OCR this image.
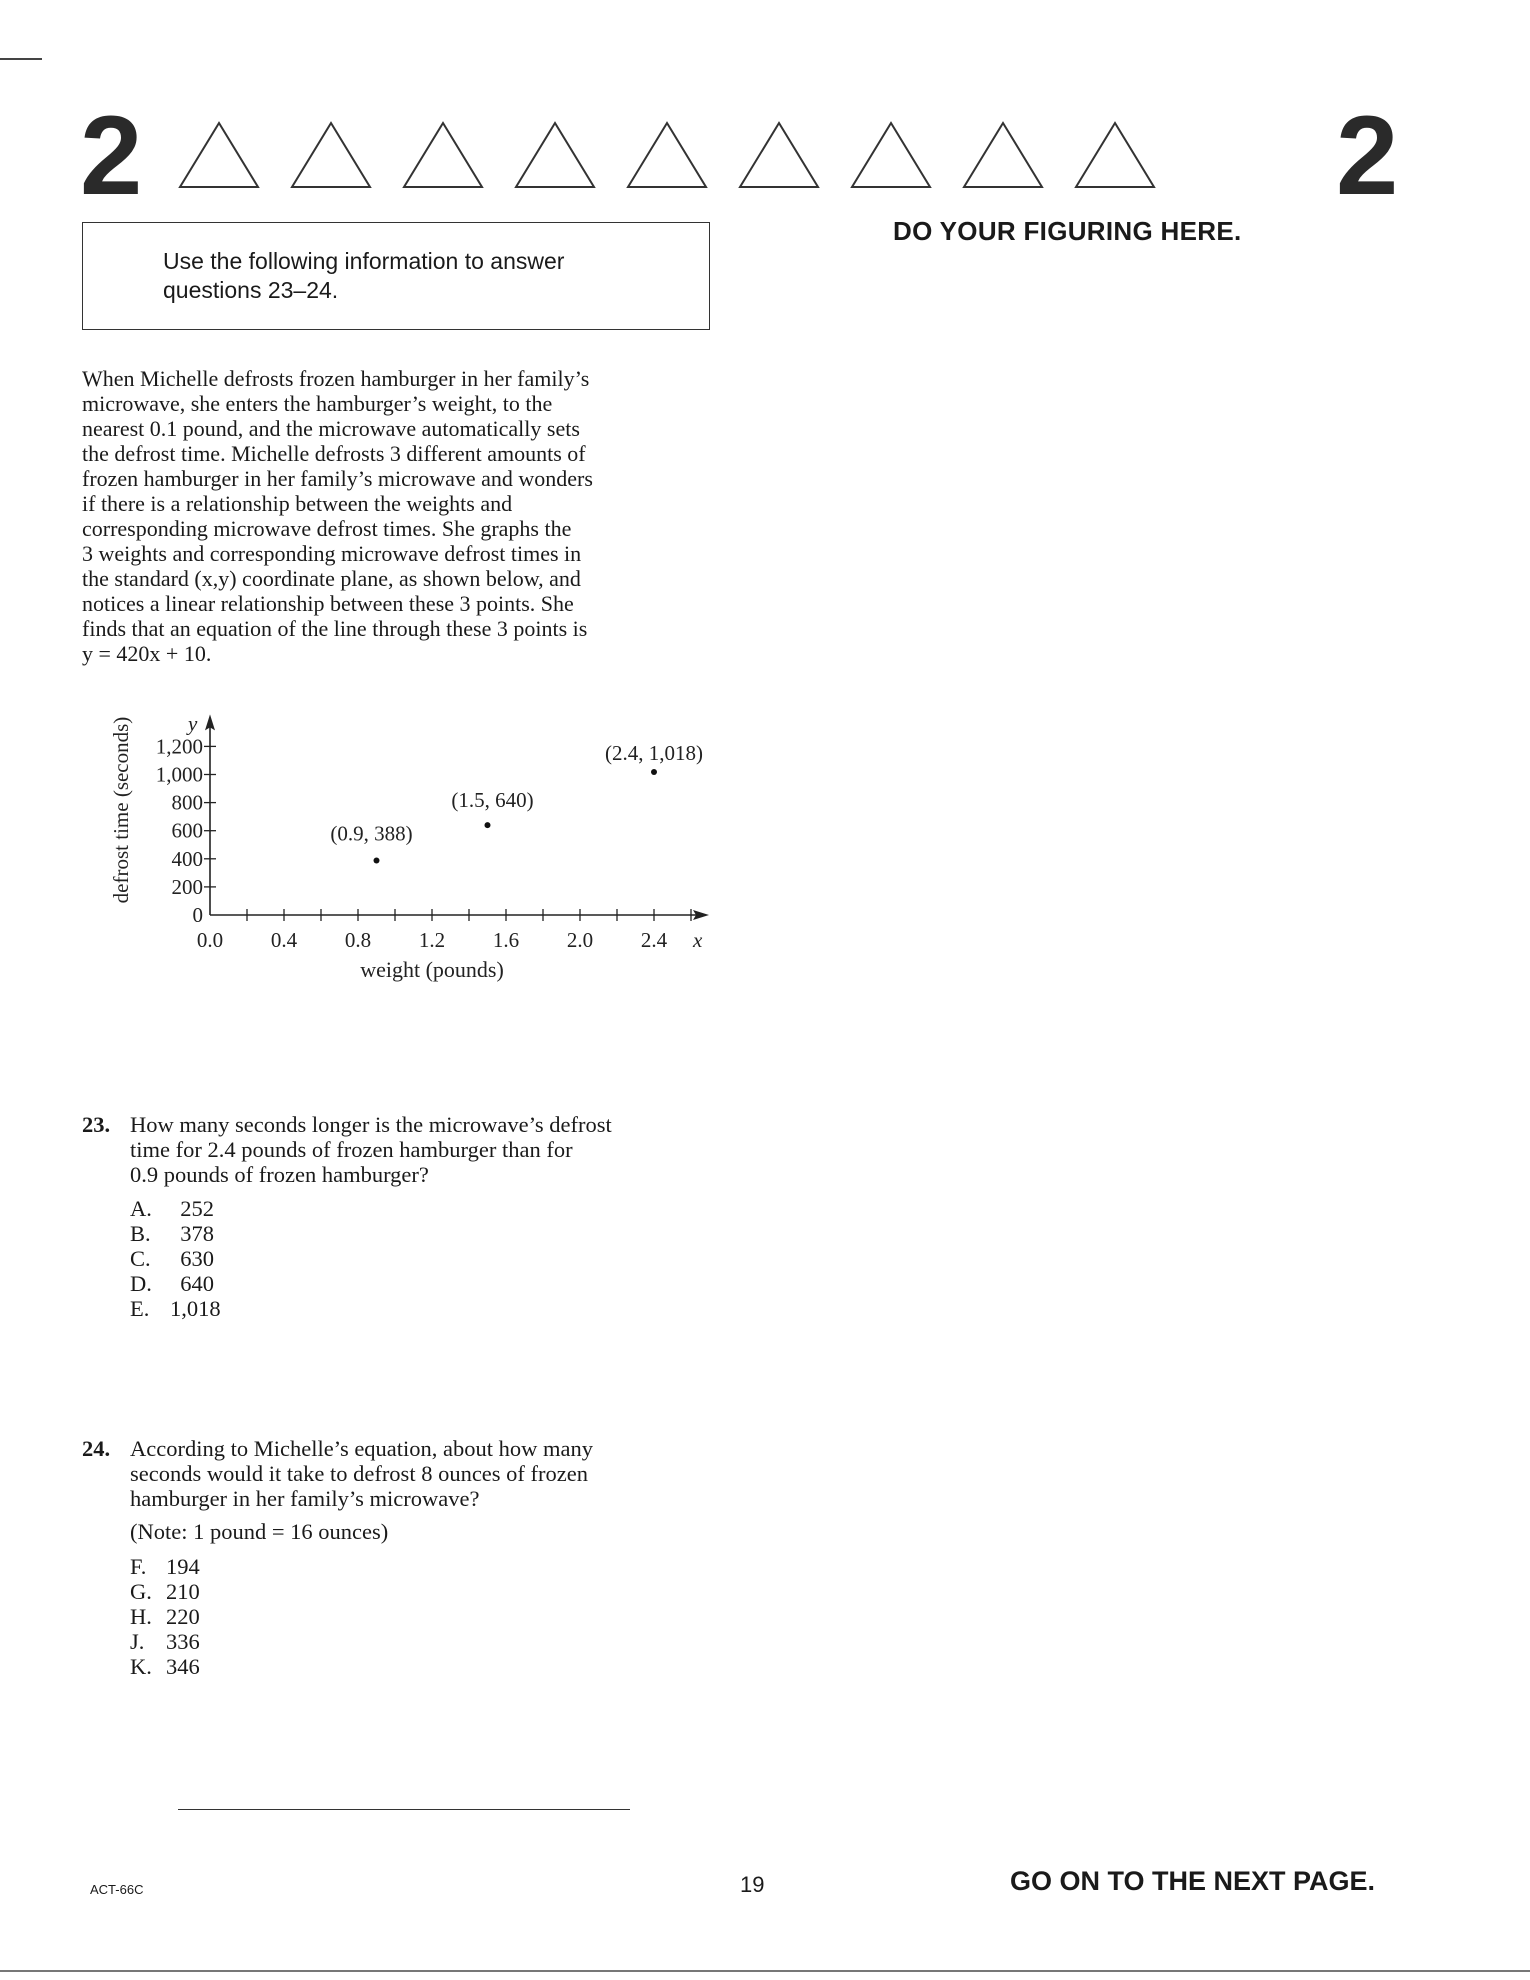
2	2
DO YOUR FIGURING HERE.
Use the following information to answer
questions 23–24.
When Michelle defrosts frozen hamburger in her family’s
microwave, she enters the hamburger’s weight, to the
nearest 0.1 pound, and the microwave automatically sets
the defrost time. Michelle defrosts 3 different amounts of
frozen hamburger in her family’s microwave and wonders
if there is a relationship between the weights and
corresponding microwave defrost times. She graphs the
3 weights and corresponding microwave defrost times in
the standard (x,y) coordinate plane, as shown below, and
notices a linear relationship between these 3 points. She
finds that an equation of the line through these 3 points is
y = 420x + 10.
0.0 0.4 0.8 1.2 1.6 2.0 2.4
0
200
400
600
800
1,000
1,200
x
y
weight (pounds)
defrost time (seconds)	(0.9, 388)
(1.5, 640)
(2.4, 1,018)
23. How many seconds longer is the microwave’s defrost
time for 2.4 pounds of frozen hamburger than for
0.9 pounds of frozen hamburger?
A.	252
B.	378
C.	630
D.	640
E. 1,018
24. According to Michelle’s equation, about how many
seconds would it take to defrost 8 ounces of frozen
hamburger in her family’s microwave?
(Note: 1 pound = 16 ounces)
F. 194
G. 210
H. 220
J. 336
K. 346
ACT-66C	19	GO ON TO THE NEXT PAGE.
